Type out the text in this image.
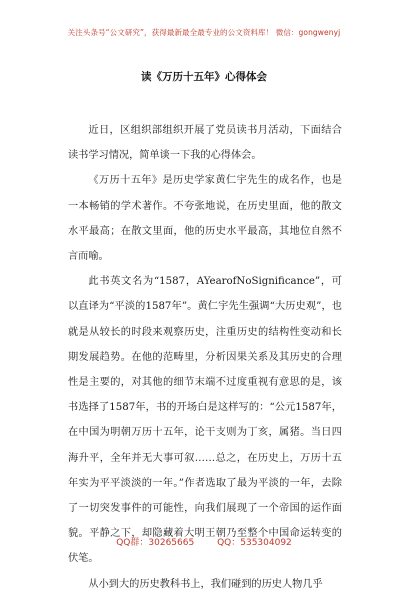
关注头条号“公文研究”，获得最新最全最专业的公文资料库！ 微信：gongwenyj
读《万历十五年》心得体会

近日，区组织部组织开展了党员读书月活动，下面结合读书学习情况，简单谈一下我的心得体会。

《万历十五年》是历史学家黄仁宇先生的成名作，也是一本畅销的学术著作。不夸张地说，在历史里面，他的散文水平最高；在散文里面，他的历史水平最高，其地位自然不言而喻。

此书英文名为“1587，AYearofNoSignificance”，可以直译为“平淡的1587年”。黄仁宇先生强调“大历史观”，也就是从较长的时段来观察历史，注重历史的结构性变动和长期发展趋势。在他的范畴里，分析因果关系及其历史的合理性是主要的，对其他的细节末端不过度重视有意思的是，该书选择了1587年，书的开场白是这样写的：“公元1587年，在中国为明朝万历十五年，论干支则为丁亥，属猪。当日四海升平，全年并无大事可叙……总之，在历史上，万历十五年实为平平淡淡的一年。”作者选取了最为平淡的一年，去除了一切突发事件的可能性，向我们展现了一个帝国的运作面貌。平静之下，却隐藏着大明王朝乃至整个中国命运转变的伏笔。

从小到大的历史教科书上，我们碰到的历史人物几乎

QQ群：30265665	QQ：535304092
